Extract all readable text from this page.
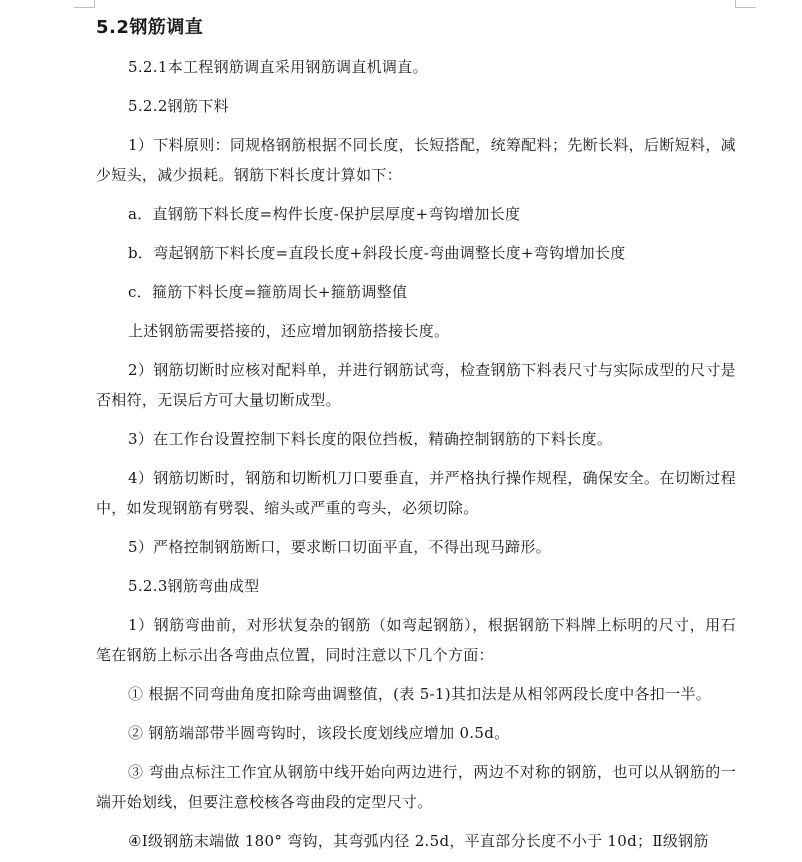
5.2钢筋调直

5.2.1本工程钢筋调直采用钢筋调直机调直。

5.2.2钢筋下料

1）下料原则：同规格钢筋根据不同长度，长短搭配，统筹配料；先断长料，后断短料，减少短头，减少损耗。钢筋下料长度计算如下：

a．直钢筋下料长度=构件长度-保护层厚度+弯钩增加长度

b．弯起钢筋下料长度=直段长度+斜段长度-弯曲调整长度+弯钩增加长度

c．箍筋下料长度=箍筋周长+箍筋调整值

上述钢筋需要搭接的，还应增加钢筋搭接长度。

2）钢筋切断时应核对配料单，并进行钢筋试弯，检查钢筋下料表尺寸与实际成型的尺寸是否相符，无误后方可大量切断成型。

3）在工作台设置控制下料长度的限位挡板，精确控制钢筋的下料长度。

4）钢筋切断时，钢筋和切断机刀口要垂直，并严格执行操作规程，确保安全。在切断过程中，如发现钢筋有劈裂、缩头或严重的弯头，必须切除。

5）严格控制钢筋断口，要求断口切面平直，不得出现马蹄形。

5.2.3钢筋弯曲成型

1）钢筋弯曲前，对形状复杂的钢筋（如弯起钢筋），根据钢筋下料牌上标明的尺寸，用石笔在钢筋上标示出各弯曲点位置，同时注意以下几个方面：

① 根据不同弯曲角度扣除弯曲调整值，(表 5-1)其扣法是从相邻两段长度中各扣一半。

② 钢筋端部带半圆弯钩时，该段长度划线应增加 0.5d。

③ 弯曲点标注工作宜从钢筋中线开始向两边进行，两边不对称的钢筋，也可以从钢筋的一端开始划线，但要注意校核各弯曲段的定型尺寸。

④Ⅰ级钢筋末端做 180° 弯钩，其弯弧内径 2.5d，平直部分长度不小于 10d；Ⅱ级钢筋
